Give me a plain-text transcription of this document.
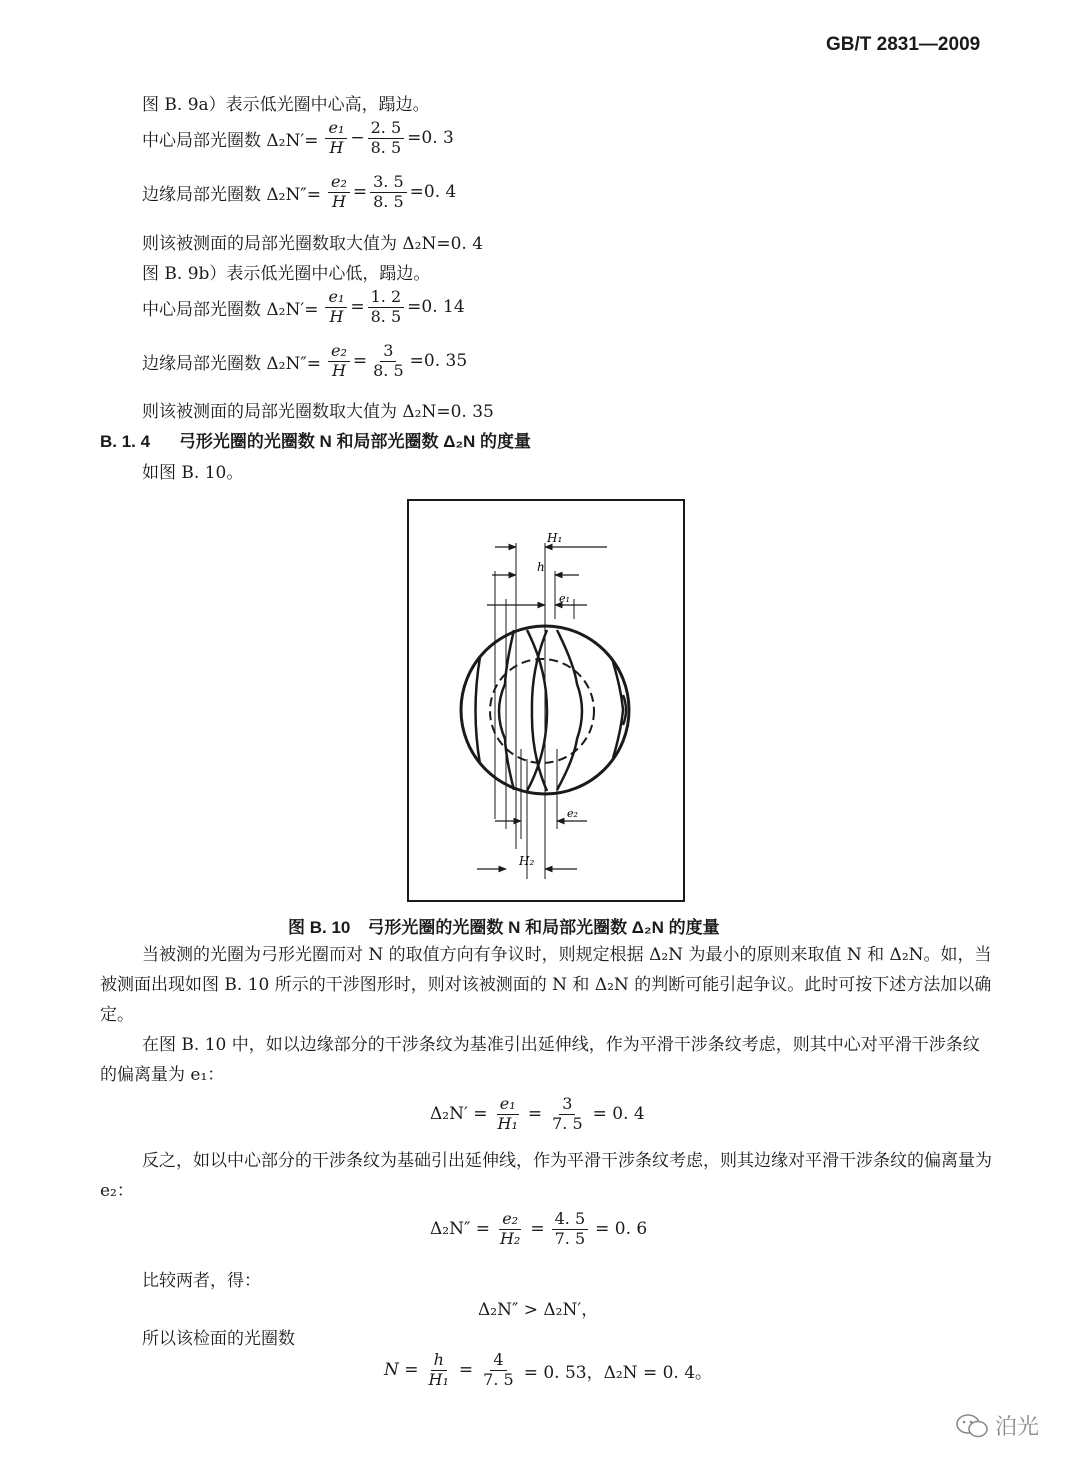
GB/T 2831—2009
图 B. 9a）表示低光圈中心高，蹋边。
中心局部光圈数 $\Delta_2N'= \frac{\text{e₁}}{H} - \frac{2. 5}{8. 5} =0$. 3
边缘局部光圈数 $\Delta_2N''= \frac{\text{e₂}}{H} = \frac{3. 5}{8. 5} =0$. 4
则该被测面的局部光圈数取大值为 Δ₂N=0. 4
图 B. 9b）表示低光圈中心低，蹋边。
中心局部光圈数 $\Delta_2N'= \frac{\text{e₁}}{H} = \frac{1. 2}{8. 5} =0$. 14
边缘局部光圈数 $\Delta_2N''= \frac{\text{e₂}}{H} = \frac{3}{8. 5} =0$. 35
则该被测面的局部光圈数取大值为 Δ₂N=0. 35
B. 1. 4 弓形光圈的光圈数 N 和局部光圈数 Δ₂N 的度量
如图 B. 10。
H₁
h
e₁
e₂
H₂
图 B. 10　弓形光圈的光圈数 N 和局部光圈数 Δ₂N 的度量
当被测的光圈为弓形光圈而对 N 的取值方向有争议时，则规定根据 Δ₂N 为最小的原则来取值 N 和 Δ₂N。如，当被测面出现如图 B. 10 所示的干涉图形时，则对该被测面的 N 和 Δ₂N 的判断可能引起争议。此时可按下述方法加以确定。
在图 B. 10 中，如以边缘部分的干涉条纹为基准引出延伸线，作为平滑干涉条纹考虑，则其中心对平滑干涉条纹的偏离量为 e₁：
$\Delta_2N' = \frac{\text{e₁}}{\text{H₁}} = \frac{3}{7. 5} = 0$. 4
反之，如以中心部分的干涉条纹为基础引出延伸线，作为平滑干涉条纹考虑，则其边缘对平滑干涉条纹的偏离量为 e₂：
$\Delta_2N'' = \frac{\text{e₂}}{\text{H₂}} = \frac{4. 5}{7. 5} = 0$. 6
比较两者，得：
Δ₂N″ > Δ₂N′，
所以该检面的光圈数
$N = \frac{h}{\text{H₁}} = \frac{4}{7. 5} = 0$. 53，Δ₂N = 0. 4。
泊光
